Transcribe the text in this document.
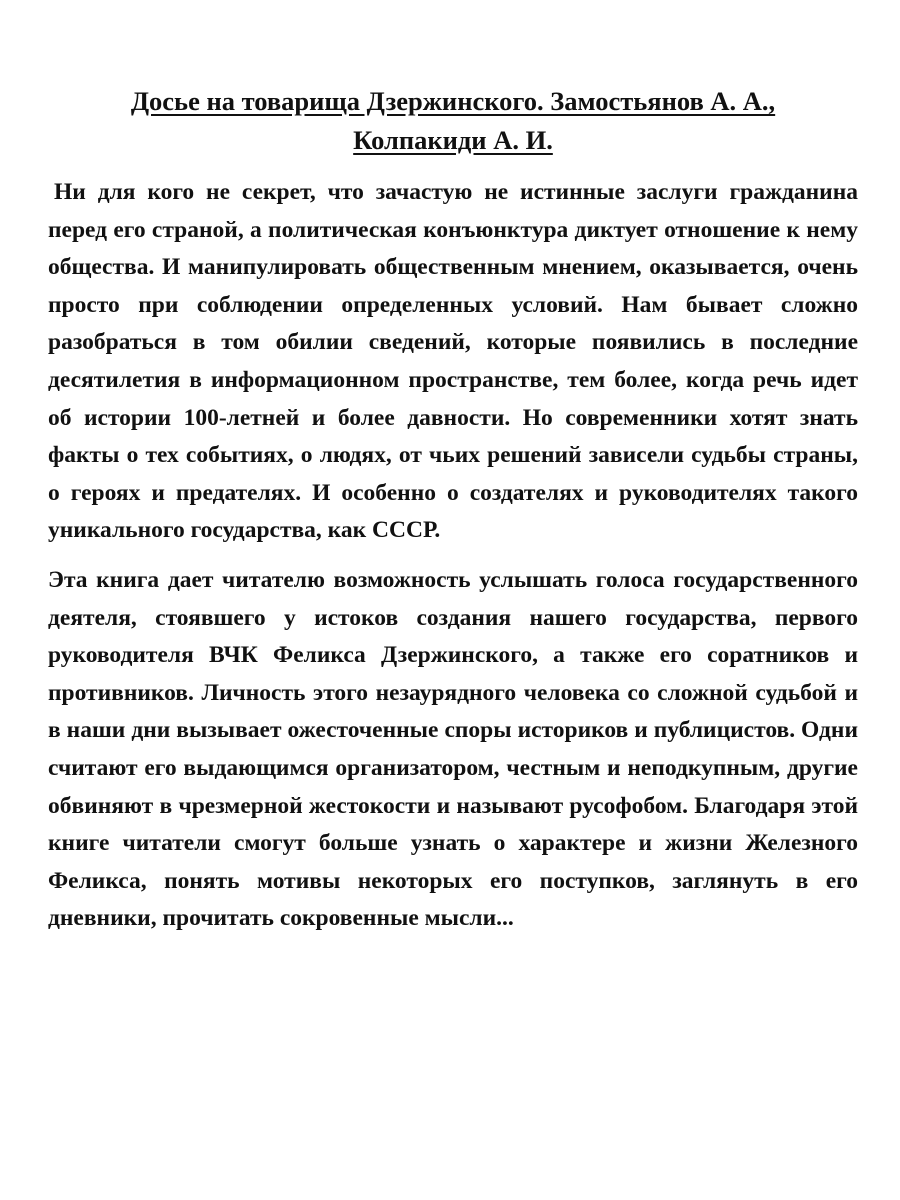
Досье на товарища Дзержинского. Замостьянов А. А.,
Колпакиди А. И.

Ни для кого не секрет, что зачастую не истинные заслуги гражданина перед его страной, а политическая конъюнктура диктует отношение к нему общества. И манипулировать общественным мнением, оказывается, очень просто при соблюдении определенных условий. Нам бывает сложно разобраться в том обилии сведений, которые появились в последние десятилетия в информационном пространстве, тем более, когда речь идет об истории 100-летней и более давности. Но современники хотят знать факты о тех событиях, о людях, от чьих решений зависели судьбы страны, о героях и предателях. И особенно о создателях и руководителях такого уникального государства, как СССР.

Эта книга дает читателю возможность услышать голоса государственного деятеля, стоявшего у истоков создания нашего государства, первого руководителя ВЧК Феликса Дзержинского, а также его соратников и противников. Личность этого незаурядного человека со сложной судьбой и в наши дни вызывает ожесточенные споры историков и публицистов. Одни считают его выдающимся организатором, честным и неподкупным, другие обвиняют в чрезмерной жестокости и называют русофобом. Благодаря этой книге читатели смогут больше узнать о характере и жизни Железного Феликса, понять мотивы некоторых его поступков, заглянуть в его дневники, прочитать сокровенные мысли...
